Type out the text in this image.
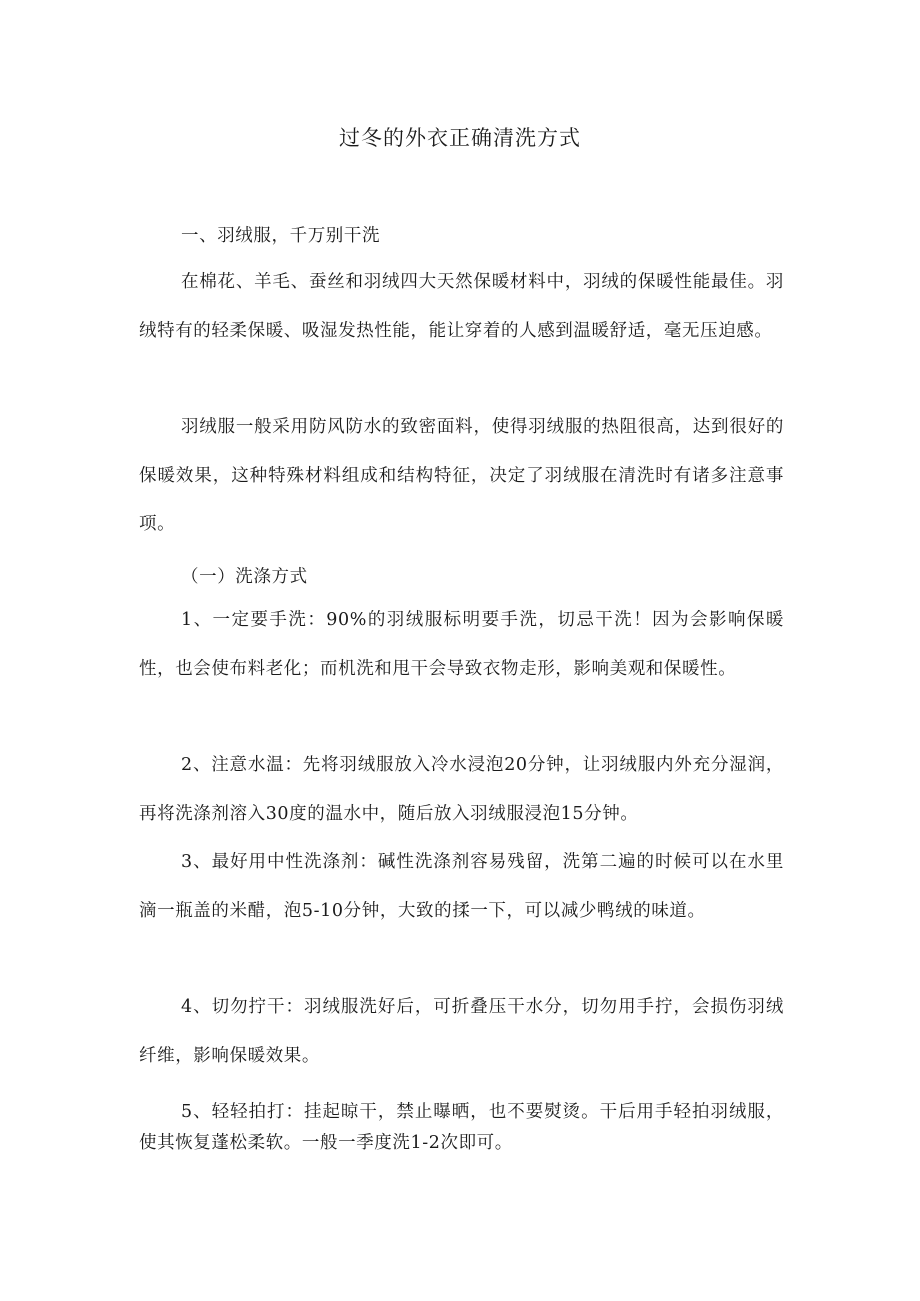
过冬的外衣正确清洗方式

一、羽绒服，千万别干洗

在棉花、羊毛、蚕丝和羽绒四大天然保暖材料中，羽绒的保暖性能最佳。羽绒特有的轻柔保暖、吸湿发热性能，能让穿着的人感到温暖舒适，毫无压迫感。

羽绒服一般采用防风防水的致密面料，使得羽绒服的热阻很高，达到很好的保暖效果，这种特殊材料组成和结构特征，决定了羽绒服在清洗时有诸多注意事项。

（一）洗涤方式

1、一定要手洗：90%的羽绒服标明要手洗，切忌干洗！因为会影响保暖性，也会使布料老化；而机洗和甩干会导致衣物走形，影响美观和保暖性。

2、注意水温：先将羽绒服放入冷水浸泡20分钟，让羽绒服内外充分湿润，再将洗涤剂溶入30度的温水中，随后放入羽绒服浸泡15分钟。

3、最好用中性洗涤剂：碱性洗涤剂容易残留，洗第二遍的时候可以在水里滴一瓶盖的米醋，泡5-10分钟，大致的揉一下，可以减少鸭绒的味道。

4、切勿拧干：羽绒服洗好后，可折叠压干水分，切勿用手拧，会损伤羽绒纤维，影响保暖效果。

5、轻轻拍打：挂起晾干，禁止曝晒，也不要熨烫。干后用手轻拍羽绒服，使其恢复蓬松柔软。一般一季度洗1-2次即可。
